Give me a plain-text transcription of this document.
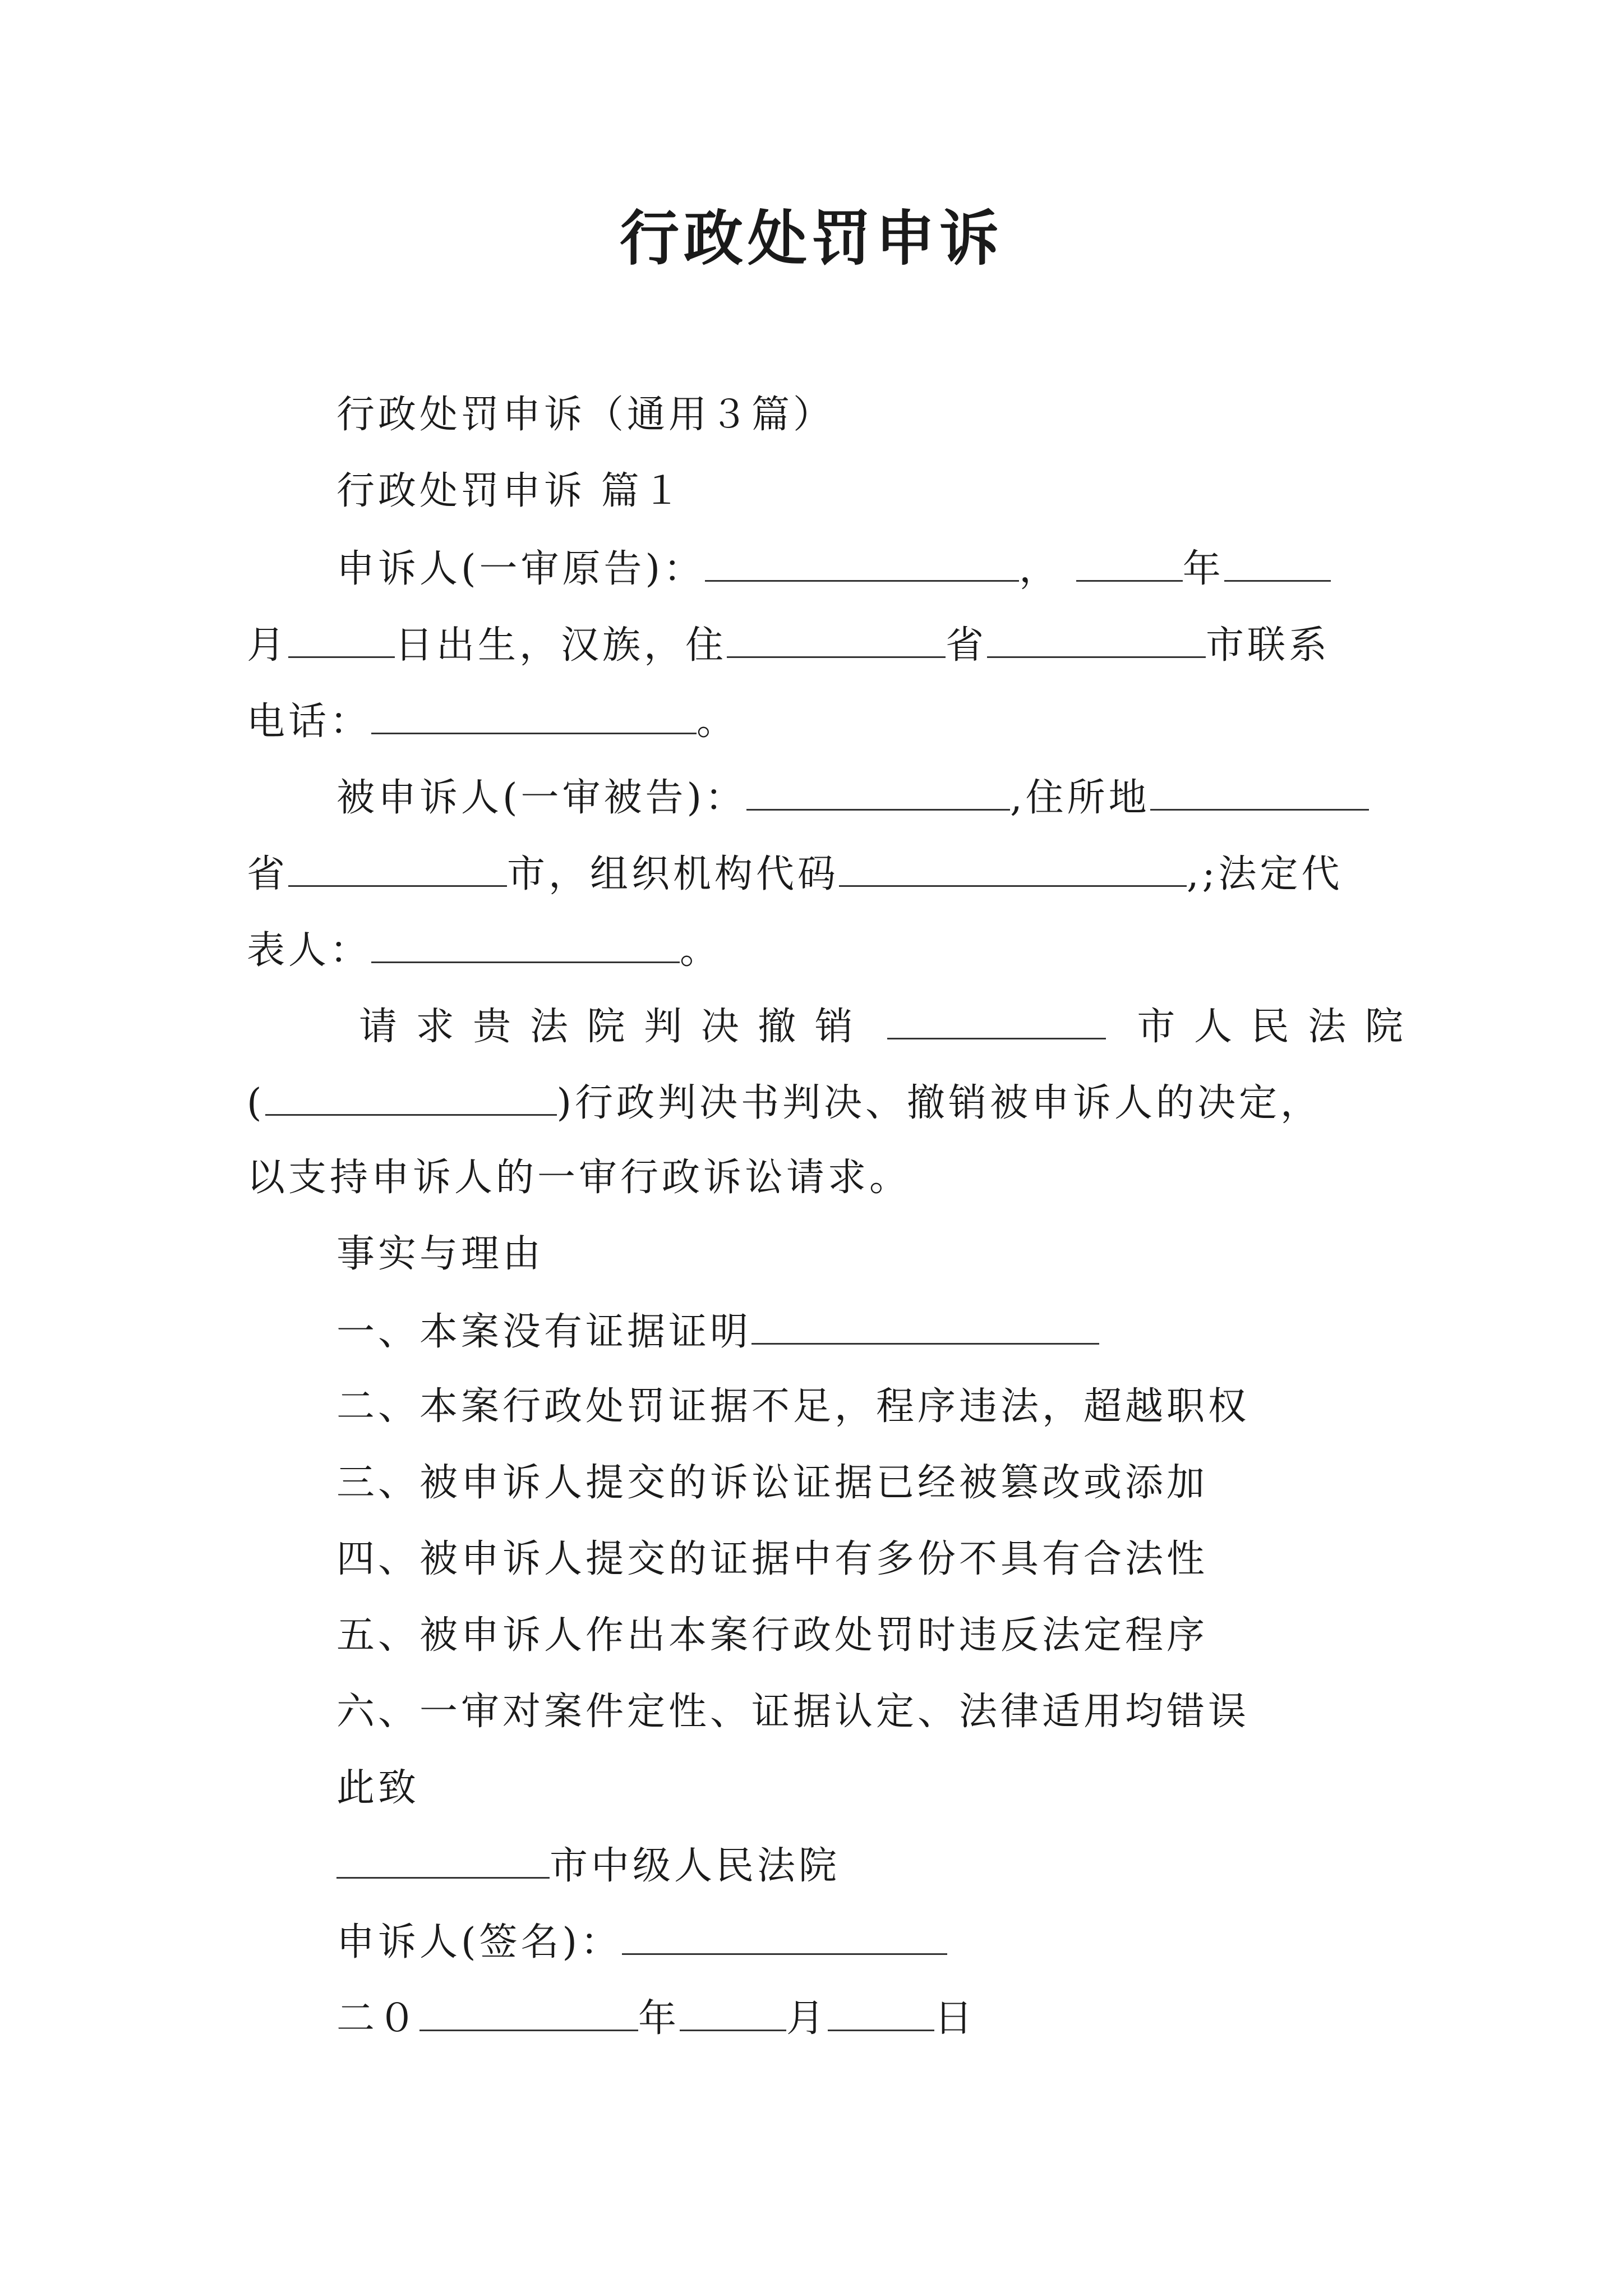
行政处罚申诉
行政处罚申诉（通用３篇）
行政处罚申诉 篇１
申诉人(一审原告)：	，	年
月	日出生，汉族，住	省	市联系
电话：	。
被申诉人(一审被告)：	,住所地
省	市，组织机构代码	,;法定代
表人：	。
请 求 贵 法 院 判 决 撤 销	市 人 民 法 院
(	)行政判决书判决、撤销被申诉人的决定，
以支持申诉人的一审行政诉讼请求。
事实与理由
一、本案没有证据证明
二、本案行政处罚证据不足，程序违法，超越职权
三、被申诉人提交的诉讼证据已经被篡改或添加
四、被申诉人提交的证据中有多份不具有合法性
五、被申诉人作出本案行政处罚时违反法定程序
六、一审对案件定性、证据认定、法律适用均错误
此致
市中级人民法院
申诉人(签名)：
二０	年	月	日
